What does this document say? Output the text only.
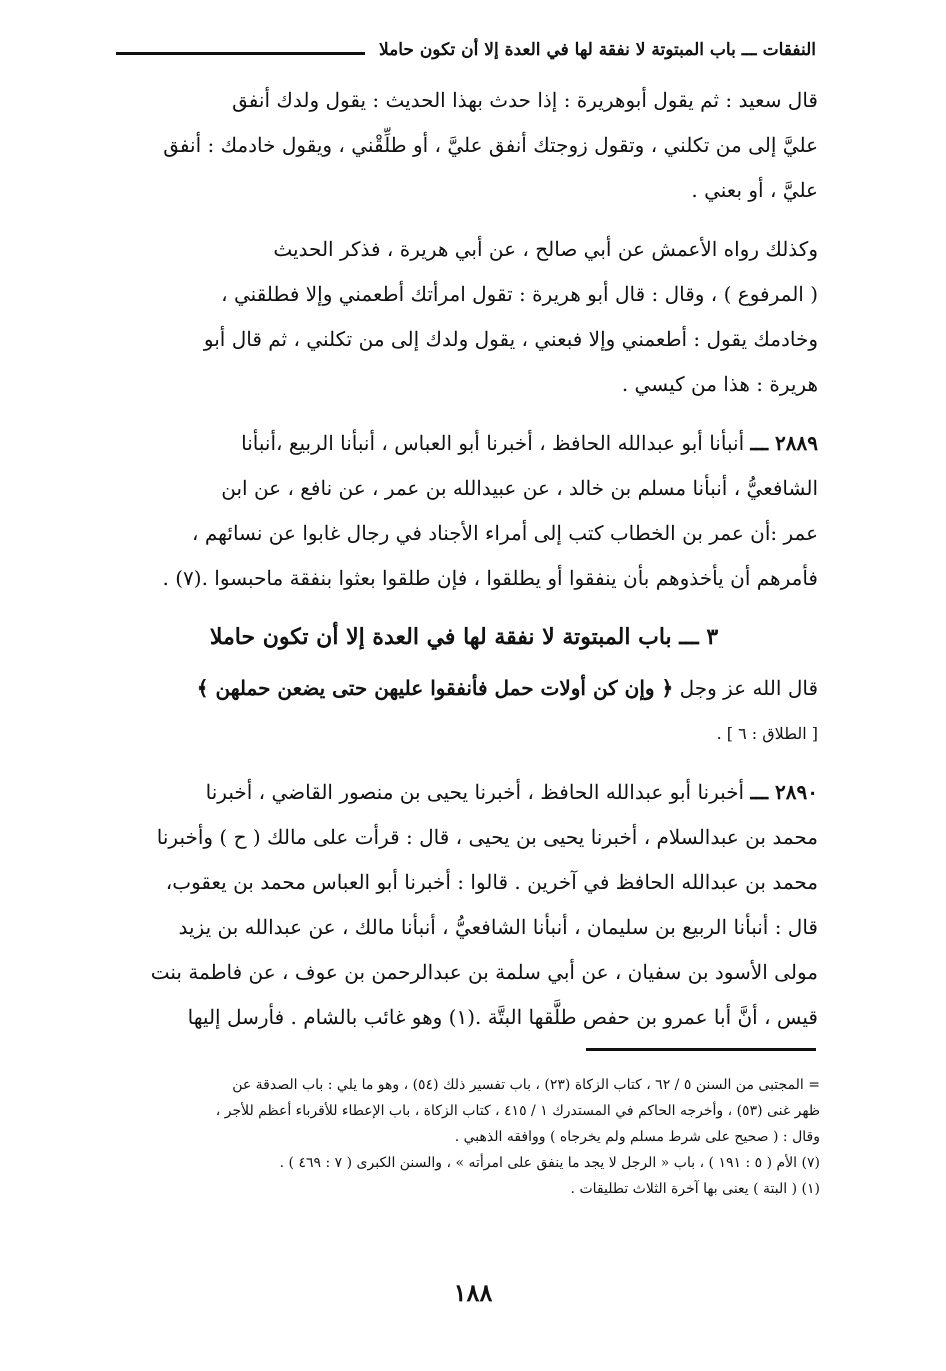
النفقات ـــ باب المبتوتة لا نفقة لها في العدة إلا أن تكون حاملا

قال سعيد : ثم يقول أبوهريرة : إذا حدث بهذا الحديث : يقول ولدك أنفق

عليَّ إلى من تكلني ، وتقول زوجتك أنفق عليَّ ، أو طلِّقْني ، ويقول خادمك : أنفق

عليَّ ، أو بعني .

وكذلك رواه الأعمش عن أبي صالح ، عن أبي هريرة ، فذكر الحديث

( المرفوع ) ، وقال : قال أبو هريرة : تقول امرأتك أطعمني وإلا فطلقني ،

وخادمك يقول : أطعمني وإلا فبعني ، يقول ولدك إلى من تكلني ، ثم قال أبو

هريرة : هذا من كيسي .

٢٨٨٩ ـــ أنبأنا أبو عبدالله الحافظ ، أخبرنا أبو العباس ، أنبأنا الربيع ،أنبأنا

الشافعيُّ ، أنبأنا مسلم بن خالد ، عن عبيدالله بن عمر ، عن نافع ، عن ابن

عمر :أن عمر بن الخطاب كتب إلى أمراء الأجناد في رجال غابوا عن نسائهم ،

فأمرهم أن يأخذوهم بأن ينفقوا أو يطلقوا ، فإن طلقوا بعثوا بنفقة ماحبسوا .(٧) .

٣ ـــ باب المبتوتة لا نفقة لها في العدة إلا أن تكون حاملا

قال الله عز وجل ﴿ وإن كن أولات حمل فأنفقوا عليهن حتى يضعن حملهن ﴾

[ الطلاق : ٦ ] .

٢٨٩٠ ـــ أخبرنا أبو عبدالله الحافظ ، أخبرنا يحيى بن منصور القاضي ، أخبرنا

محمد بن عبدالسلام ، أخبرنا يحيى بن يحيى ، قال : قرأت على مالك ( ح ) وأخبرنا

محمد بن عبدالله الحافظ في آخرين . قالوا : أخبرنا أبو العباس محمد بن يعقوب،

قال : أنبأنا الربيع بن سليمان ، أنبأنا الشافعيُّ ، أنبأنا مالك ، عن عبدالله بن يزيد

مولى الأسود بن سفيان ، عن أبي سلمة بن عبدالرحمن بن عوف ، عن فاطمة بنت

قيس ، أنَّ أبا عمرو بن حفص طلَّقها البتَّة .(١) وهو غائب بالشام . فأرسل إليها

= المجتبى من السنن ٥ / ٦٢ ، كتاب الزكاة (٢٣) ، باب تفسير ذلك (٥٤) ، وهو ما يلي : باب الصدقة عن

ظهر غنى (٥٣) ، وأخرجه الحاكم في المستدرك ١ / ٤١٥ ، كتاب الزكاة ، باب الإعطاء للأقرباء أعظم للأجر ،

وقال : ( صحيح على شرط مسلم ولم يخرجاه ) ووافقه الذهبي .

(٧) الأم ( ٥ : ١٩١ ) ، باب « الرجل لا يجد ما ينفق على امرأته » ، والسنن الكبرى ( ٧ : ٤٦٩ ) .

(١) ( البتة ) يعنى بها آخرة الثلاث تطليقات .

١٨٨
